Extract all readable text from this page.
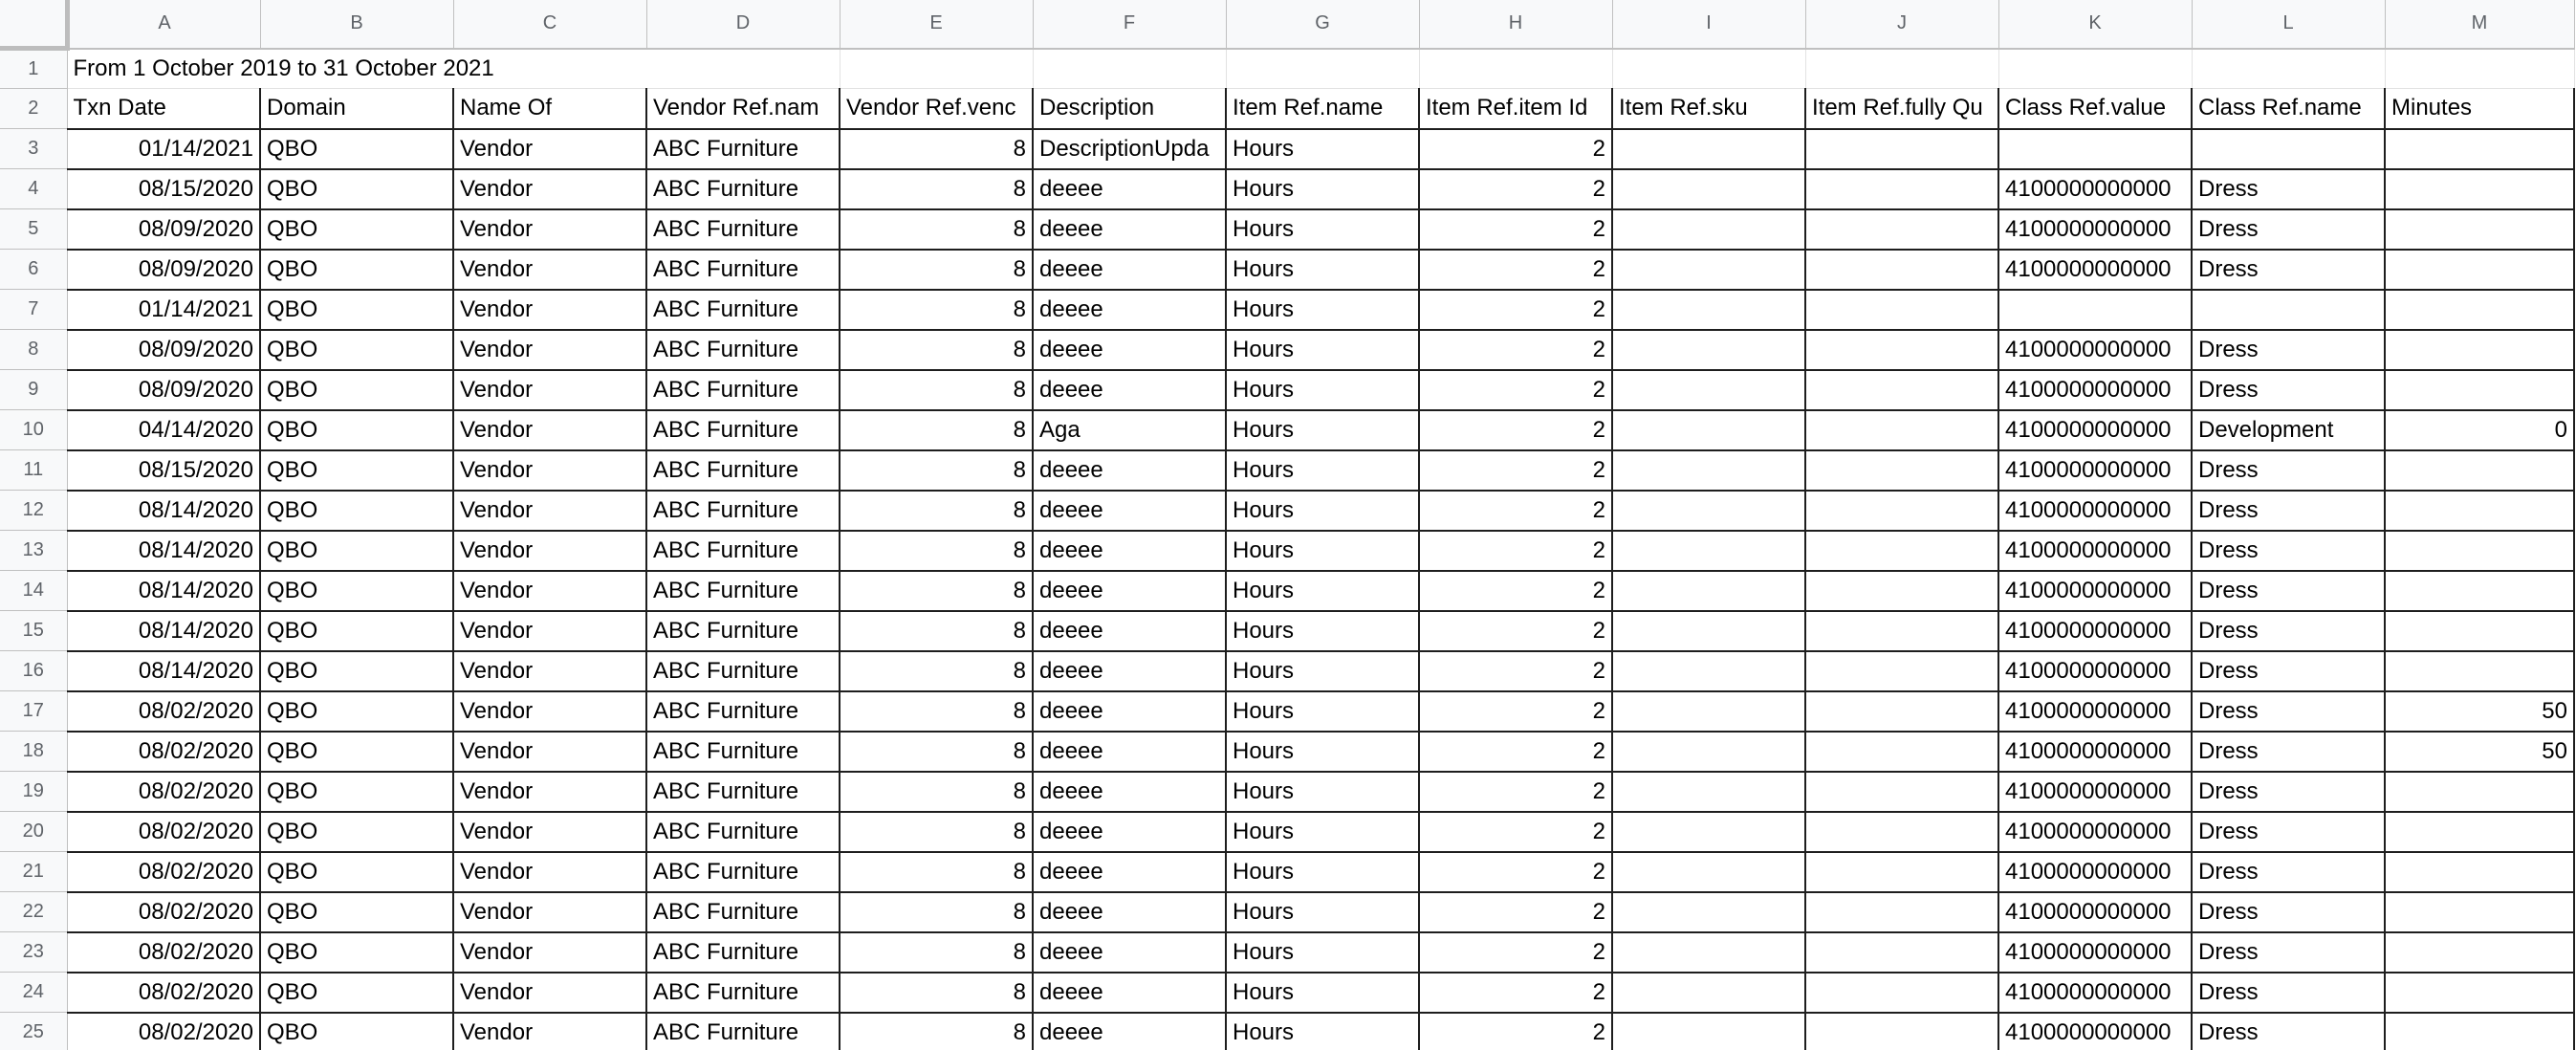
	A	B	C	D	E	F	G	H	I	J	K	L	M
1	From 1 October 2019 to 31 October 2021												
2	Txn Date	Domain	Name Of	Vendor Ref.nam	Vendor Ref.venc	Description	Item Ref.name	Item Ref.item Id	Item Ref.sku	Item Ref.fully Qu	Class Ref.value	Class Ref.name	Minutes
3	01/14/2021	QBO	Vendor	ABC Furniture	8	DescriptionUpda	Hours	2					
4	08/15/2020	QBO	Vendor	ABC Furniture	8	deeee	Hours	2			4100000000000	Dress	
5	08/09/2020	QBO	Vendor	ABC Furniture	8	deeee	Hours	2			4100000000000	Dress	
6	08/09/2020	QBO	Vendor	ABC Furniture	8	deeee	Hours	2			4100000000000	Dress	
7	01/14/2021	QBO	Vendor	ABC Furniture	8	deeee	Hours	2					
8	08/09/2020	QBO	Vendor	ABC Furniture	8	deeee	Hours	2			4100000000000	Dress	
9	08/09/2020	QBO	Vendor	ABC Furniture	8	deeee	Hours	2			4100000000000	Dress	
10	04/14/2020	QBO	Vendor	ABC Furniture	8	Aga	Hours	2			4100000000000	Development	0
11	08/15/2020	QBO	Vendor	ABC Furniture	8	deeee	Hours	2			4100000000000	Dress	
12	08/14/2020	QBO	Vendor	ABC Furniture	8	deeee	Hours	2			4100000000000	Dress	
13	08/14/2020	QBO	Vendor	ABC Furniture	8	deeee	Hours	2			4100000000000	Dress	
14	08/14/2020	QBO	Vendor	ABC Furniture	8	deeee	Hours	2			4100000000000	Dress	
15	08/14/2020	QBO	Vendor	ABC Furniture	8	deeee	Hours	2			4100000000000	Dress	
16	08/14/2020	QBO	Vendor	ABC Furniture	8	deeee	Hours	2			4100000000000	Dress	
17	08/02/2020	QBO	Vendor	ABC Furniture	8	deeee	Hours	2			4100000000000	Dress	50
18	08/02/2020	QBO	Vendor	ABC Furniture	8	deeee	Hours	2			4100000000000	Dress	50
19	08/02/2020	QBO	Vendor	ABC Furniture	8	deeee	Hours	2			4100000000000	Dress	
20	08/02/2020	QBO	Vendor	ABC Furniture	8	deeee	Hours	2			4100000000000	Dress	
21	08/02/2020	QBO	Vendor	ABC Furniture	8	deeee	Hours	2			4100000000000	Dress	
22	08/02/2020	QBO	Vendor	ABC Furniture	8	deeee	Hours	2			4100000000000	Dress	
23	08/02/2020	QBO	Vendor	ABC Furniture	8	deeee	Hours	2			4100000000000	Dress	
24	08/02/2020	QBO	Vendor	ABC Furniture	8	deeee	Hours	2			4100000000000	Dress	
25	08/02/2020	QBO	Vendor	ABC Furniture	8	deeee	Hours	2			4100000000000	Dress	
